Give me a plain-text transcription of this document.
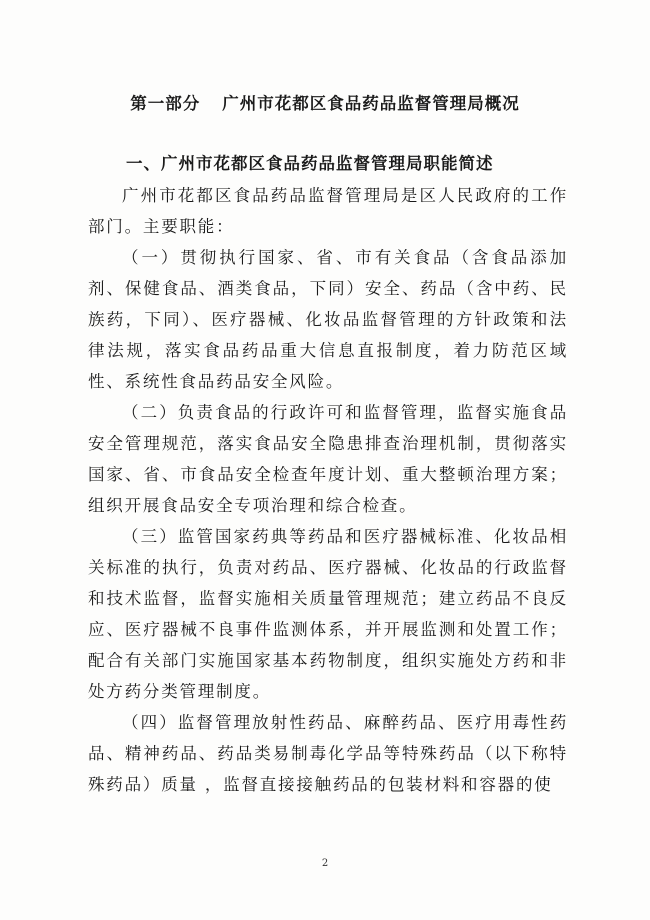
第一部分 广州市花都区食品药品监督管理局概况
一、广州市花都区食品药品监督管理局职能简述

广州市花都区食品药品监督管理局是区人民政府的工作部门。主要职能：

（一）贯彻执行国家、省、市有关食品（含食品添加剂、保健食品、酒类食品，下同）安全、药品（含中药、民族药，下同）、医疗器械、化妆品监督管理的方针政策和法律法规，落实食品药品重大信息直报制度，着力防范区域性、系统性食品药品安全风险。

（二）负责食品的行政许可和监督管理，监督实施食品安全管理规范，落实食品安全隐患排查治理机制，贯彻落实国家、省、市食品安全检查年度计划、重大整顿治理方案；组织开展食品安全专项治理和综合检查。

（三）监管国家药典等药品和医疗器械标准、化妆品相关标准的执行，负责对药品、医疗器械、化妆品的行政监督和技术监督，监督实施相关质量管理规范；建立药品不良反应、医疗器械不良事件监测体系，并开展监测和处置工作；配合有关部门实施国家基本药物制度，组织实施处方药和非处方药分类管理制度。

（四）监督管理放射性药品、麻醉药品、医疗用毒性药品、精神药品、药品类易制毒化学品等特殊药品（以下称特殊药品）质量 ，监督直接接触药品的包装材料和容器的使

2
